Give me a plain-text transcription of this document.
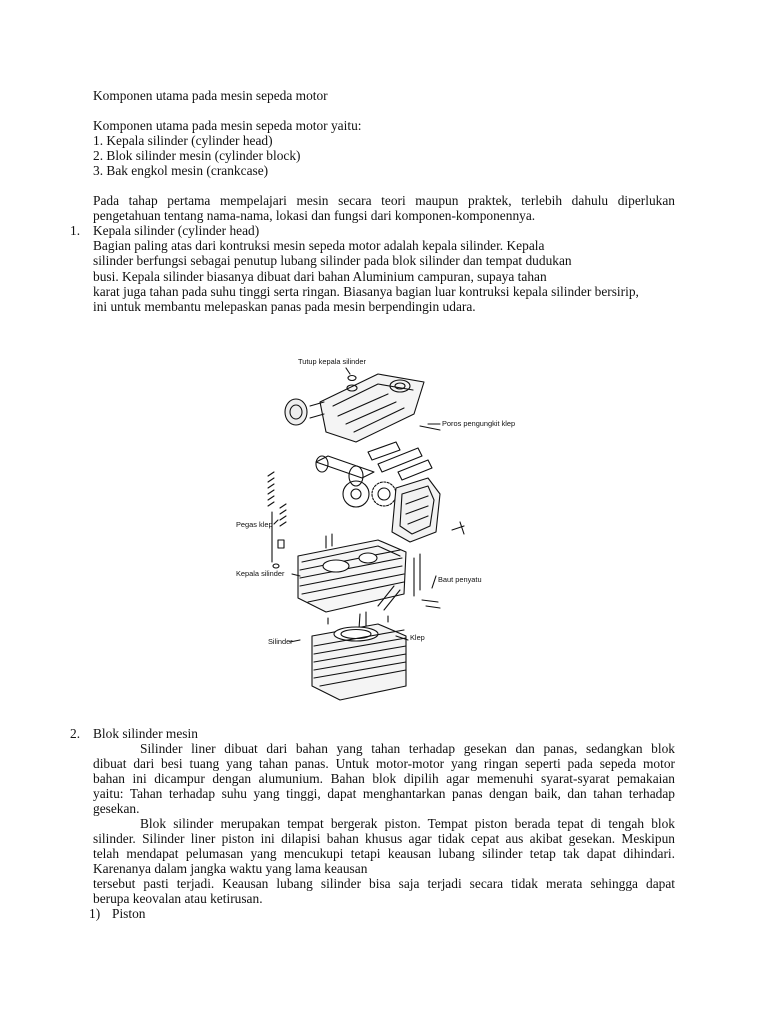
Komponen utama pada mesin sepeda motor
Komponen utama pada mesin sepeda motor yaitu:
1. Kepala silinder (cylinder head)
2. Blok silinder mesin (cylinder block)
3. Bak engkol mesin (crankcase)
Pada tahap pertama mempelajari mesin secara teori maupun praktek, terlebih dahulu diperlukan
pengetahuan tentang nama-nama, lokasi dan fungsi dari komponen-komponennya.
1. Kepala silinder (cylinder head)
Bagian paling atas dari kontruksi mesin sepeda motor adalah kepala silinder. Kepala
silinder berfungsi sebagai penutup lubang silinder pada blok silinder dan tempat dudukan
busi. Kepala silinder biasanya dibuat dari bahan Aluminium campuran, supaya tahan
karat juga tahan pada suhu tinggi serta ringan. Biasanya bagian luar kontruksi kepala silinder bersirip,
ini untuk membantu melepaskan panas pada mesin berpendingin udara.
Tutup kepala silinder
Poros pengungkit klep
Pegas klep
Kepala silinder
Baut penyatu
Silinder	Klep
2. Blok silinder mesin
Silinder liner dibuat dari bahan yang tahan terhadap gesekan dan panas, sedangkan blok
dibuat dari besi tuang yang tahan panas. Untuk motor-motor yang ringan seperti pada sepeda motor
bahan ini dicampur dengan alumunium. Bahan blok dipilih agar memenuhi syarat-syarat pemakaian
yaitu: Tahan terhadap suhu yang tinggi, dapat menghantarkan panas dengan baik, dan tahan terhadap
gesekan.
Blok silinder merupakan tempat bergerak piston. Tempat piston berada tepat di tengah blok
silinder. Silinder liner piston ini dilapisi bahan khusus agar tidak cepat aus akibat gesekan. Meskipun
telah mendapat pelumasan yang mencukupi tetapi keausan lubang silinder tetap tak dapat dihindari.
Karenanya dalam jangka waktu yang lama keausan
tersebut pasti terjadi. Keausan lubang silinder bisa saja terjadi secara tidak merata sehingga dapat
berupa keovalan atau ketirusan.
1) Piston
